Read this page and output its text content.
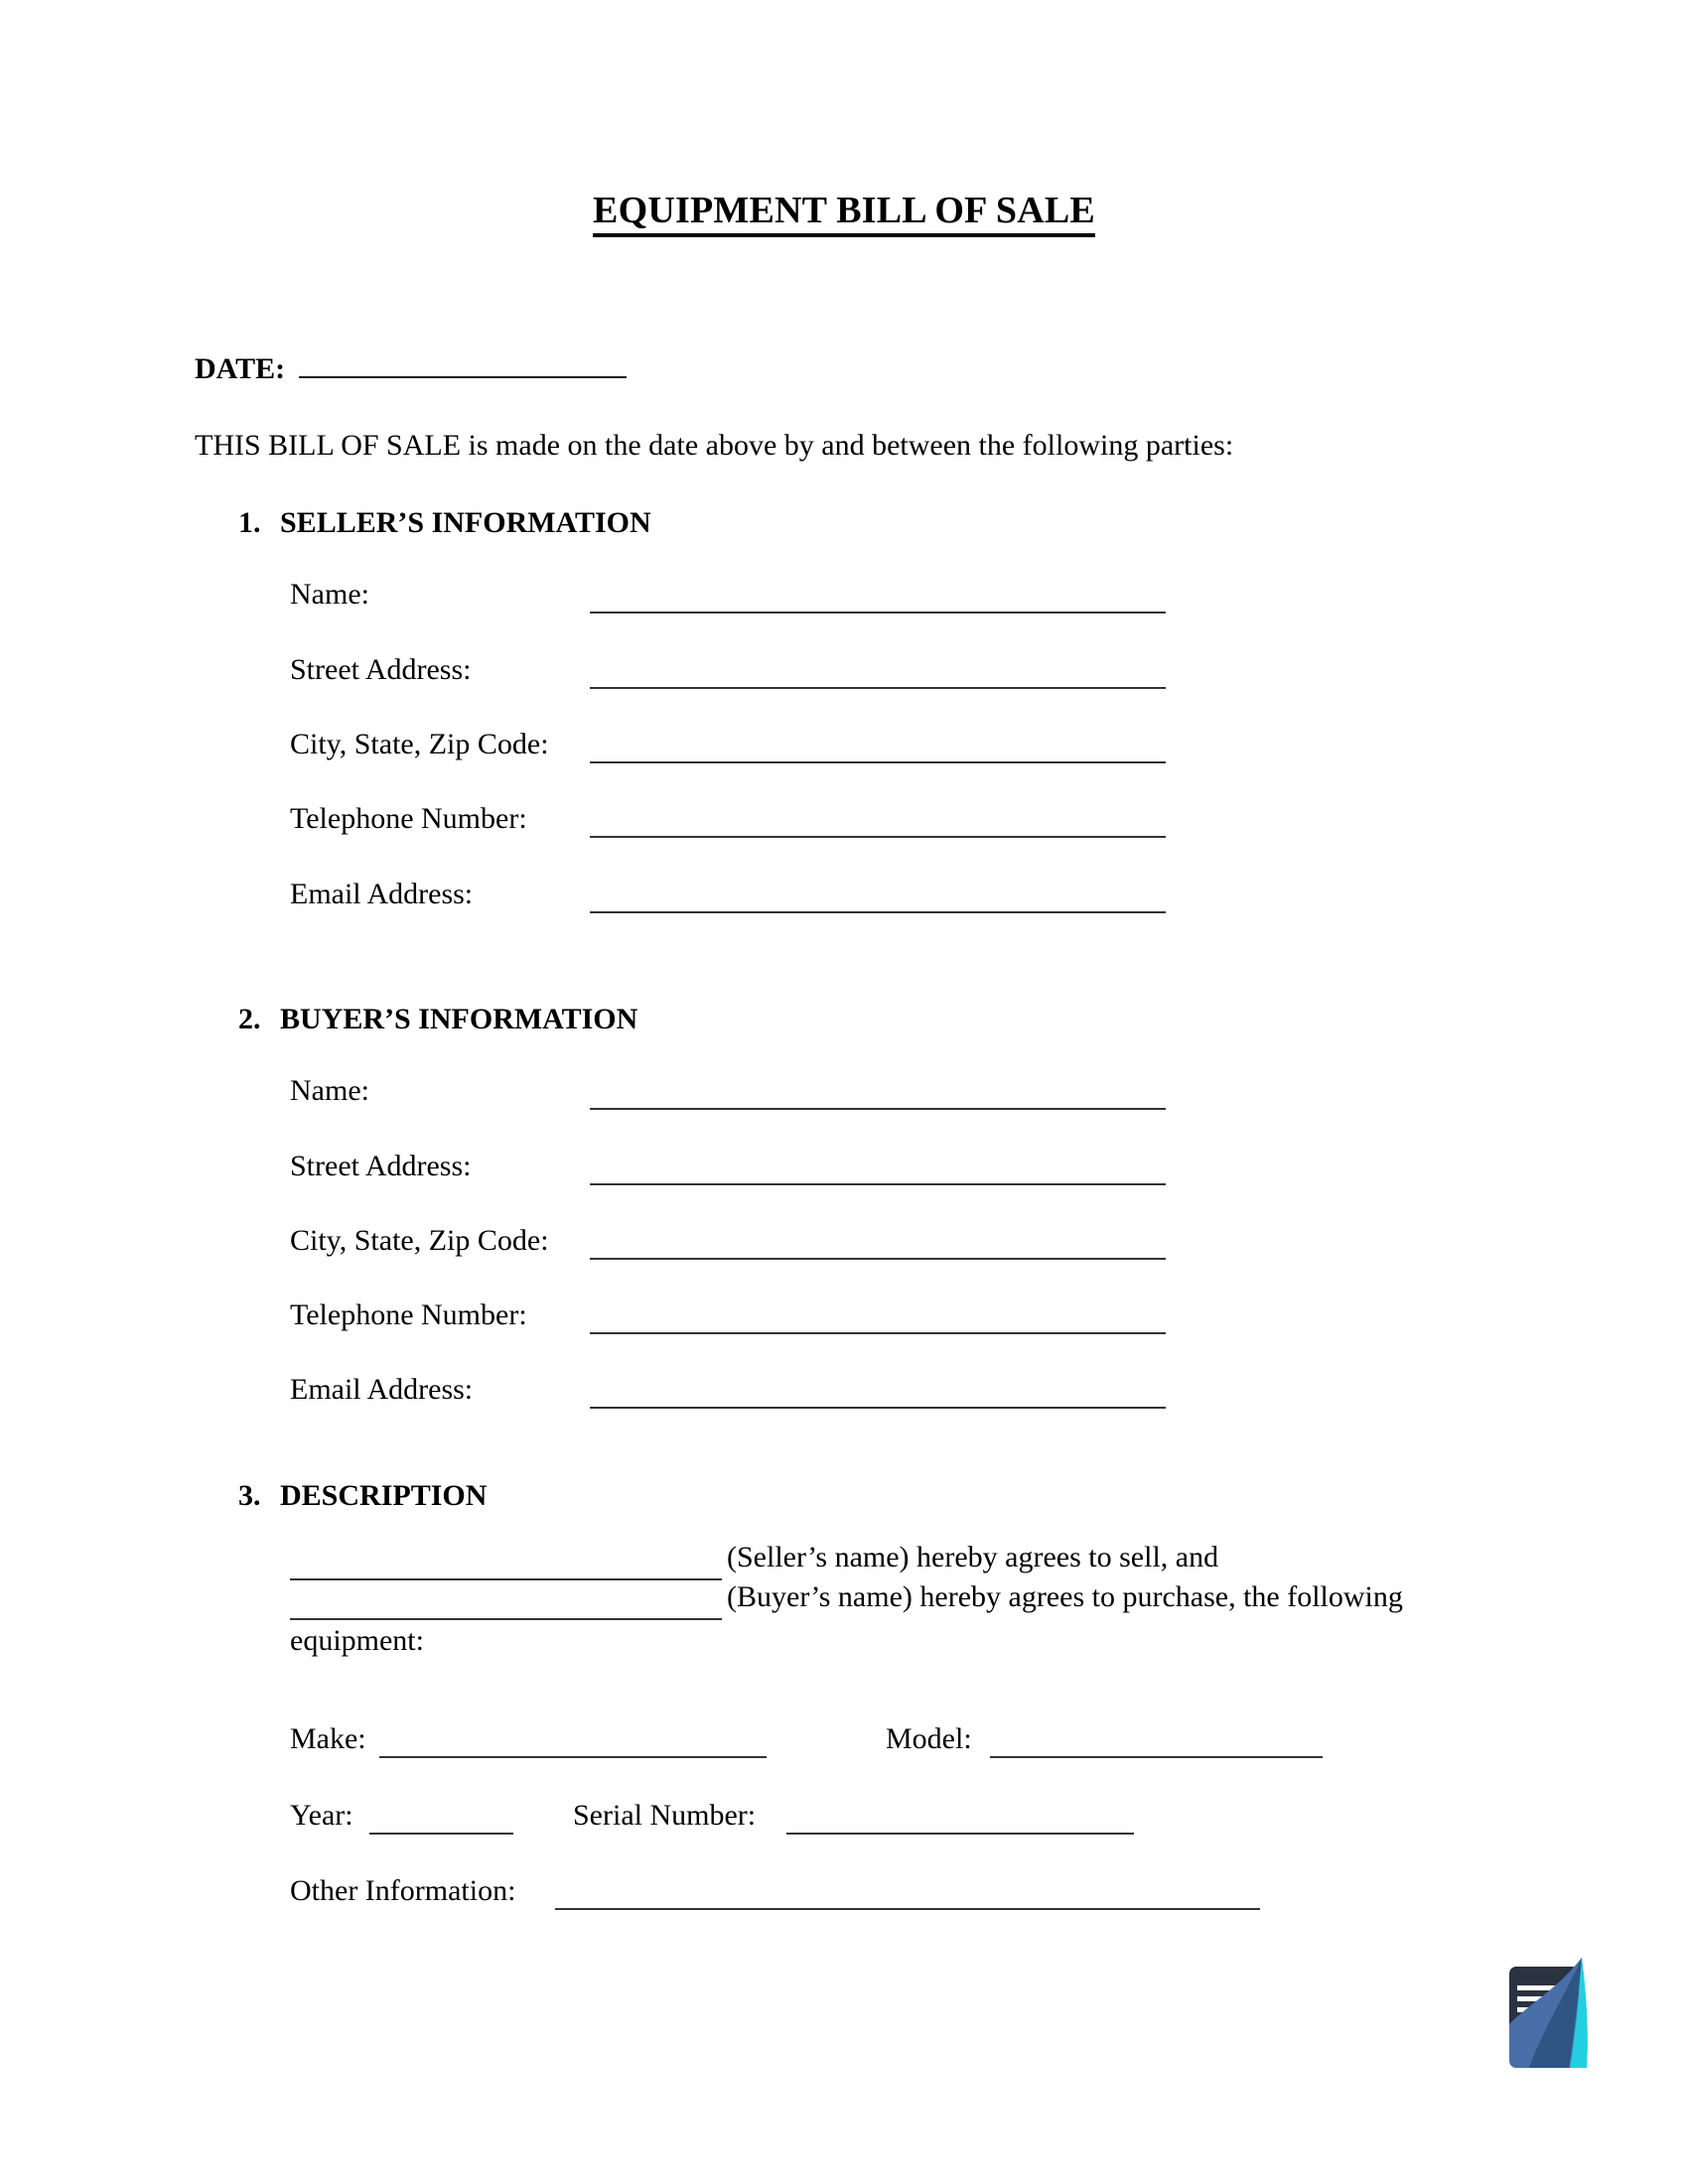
EQUIPMENT BILL OF SALE
DATE:
THIS BILL OF SALE is made on the date above by and between the following parties:
1. SELLER’S INFORMATION
Name:
Street Address:
City, State, Zip Code:
Telephone Number:
Email Address:
2. BUYER’S INFORMATION
Name:
Street Address:
City, State, Zip Code:
Telephone Number:
Email Address:
3. DESCRIPTION
(Seller’s name) hereby agrees to sell, and
(Buyer’s name) hereby agrees to purchase, the following
equipment:
Make:	Model:
Year:	Serial Number:
Other Information:
